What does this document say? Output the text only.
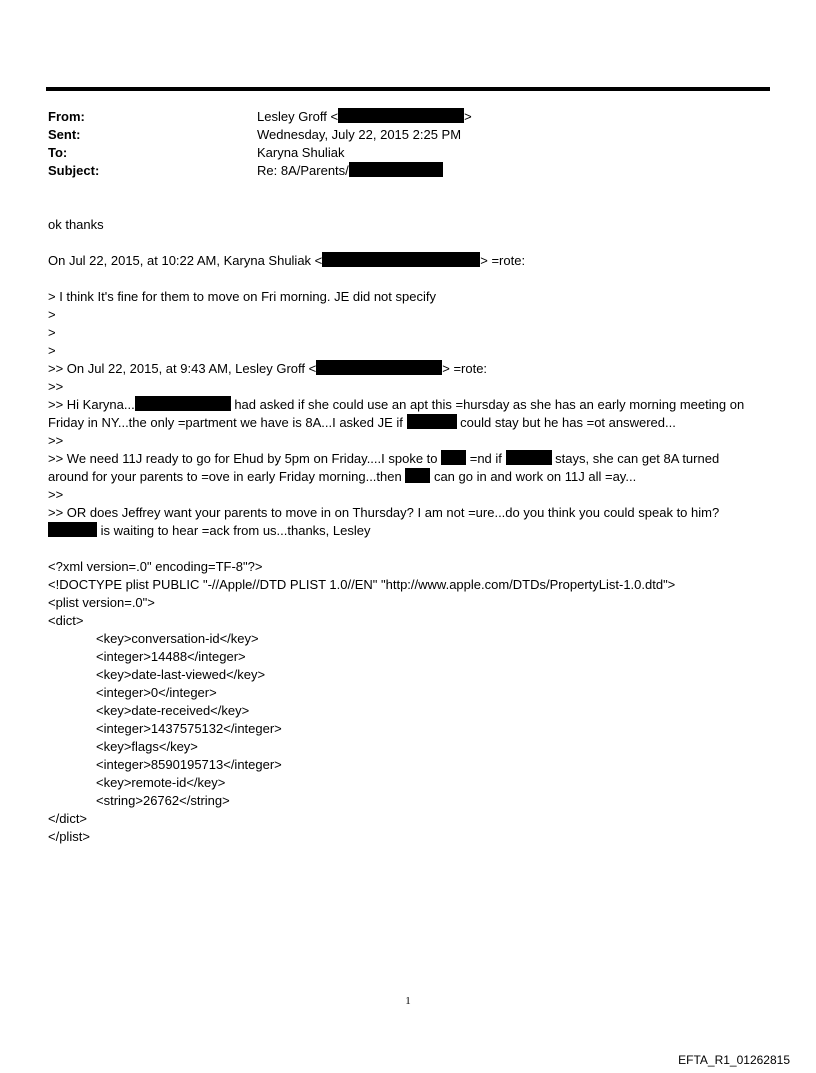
From:	Lesley Groff <	>
Sent:	Wednesday, July 22, 2015 2:25 PM
To:	Karyna Shuliak
Subject:	Re: 8A/Parents/
ok thanks
On Jul 22, 2015, at 10:22 AM, Karyna Shuliak <	> =rote:
> I think It's fine for them to move on Fri morning. JE did not specify
>
>
>
>> On Jul 22, 2015, at 9:43 AM, Lesley Groff <	> =rote:
>>
>> Hi Karyna...	had asked if she could use an apt this =hursday as she has an early morning meeting on
Friday in NY...the only =partment we have is 8A...I asked JE if	could stay but he has =ot answered...
>>
>> We need 11J ready to go for Ehud by 5pm on Friday....I spoke to  =nd if	stays, she can get 8A turned
around for your parents to =ove in early Friday morning...then  can go in and work on 11J all =ay...
>>
>> OR does Jeffrey want your parents to move in on Thursday? I am not =ure...do you think you could speak to him?
is waiting to hear =ack from us...thanks, Lesley
<?xml version=.0" encoding=TF-8"?>
<!DOCTYPE plist PUBLIC "-//Apple//DTD PLIST 1.0//EN" "http://www.apple.com/DTDs/PropertyList-1.0.dtd">
<plist version=.0">
<dict>
<key>conversation-id</key>
<integer>14488</integer>
<key>date-last-viewed</key>
<integer>0</integer>
<key>date-received</key>
<integer>1437575132</integer>
<key>flags</key>
<integer>8590195713</integer>
<key>remote-id</key>
<string>26762</string>
</dict>
</plist>
1
EFTA_R1_01262815
